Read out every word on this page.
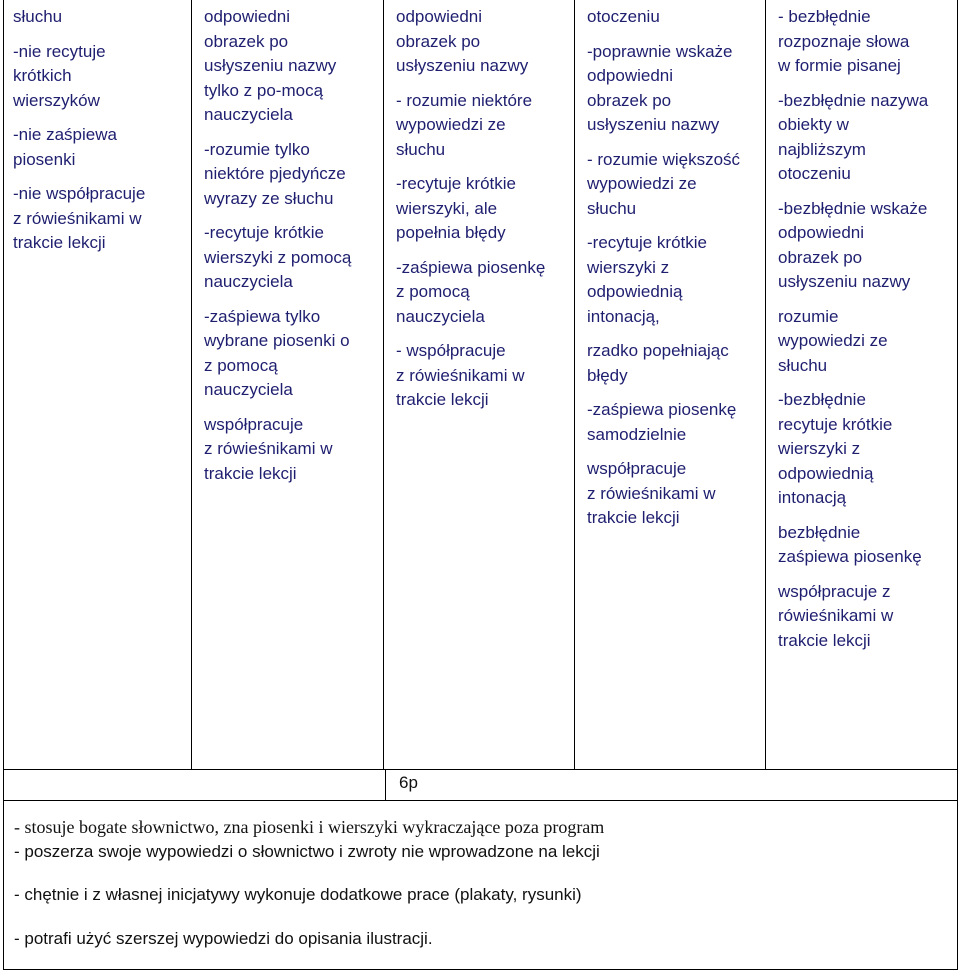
słuchu
-nie recytuje
krótkich
wierszyków
-nie zaśpiewa
piosenki
-nie współpracuje
z rówieśnikami w
trakcie lekcji
odpowiedni
obrazek po
usłyszeniu nazwy
tylko z po-mocą
nauczyciela
-rozumie tylko
niektóre pjedyńcze
wyrazy ze słuchu
-recytuje krótkie
wierszyki z pomocą
nauczyciela
-zaśpiewa tylko
wybrane piosenki o
z pomocą
nauczyciela
współpracuje
z rówieśnikami w
trakcie lekcji
odpowiedni
obrazek po
usłyszeniu nazwy
- rozumie niektóre
wypowiedzi ze
słuchu
-recytuje krótkie
wierszyki, ale
popełnia błędy
-zaśpiewa piosenkę
z pomocą
nauczyciela
- współpracuje
z rówieśnikami w
trakcie lekcji
otoczeniu
-poprawnie wskaże
odpowiedni
obrazek po
usłyszeniu nazwy
- rozumie większość
wypowiedzi ze
słuchu
-recytuje krótkie
wierszyki z
odpowiednią
intonacją,
rzadko popełniając
błędy
-zaśpiewa piosenkę
samodzielnie
współpracuje
z rówieśnikami w
trakcie lekcji
- bezbłędnie
rozpoznaje słowa
w formie pisanej
-bezbłędnie nazywa
obiekty w
najbliższym
otoczeniu
-bezbłędnie wskaże
odpowiedni
obrazek po
usłyszeniu nazwy
rozumie
wypowiedzi ze
słuchu
-bezbłędnie
recytuje krótkie
wierszyki z
odpowiednią
intonacją
bezbłędnie
zaśpiewa piosenkę
współpracuje z
rówieśnikami w
trakcie lekcji
6p
- stosuje bogate słownictwo, zna piosenki i wierszyki wykraczające poza program
- poszerza swoje wypowiedzi o słownictwo i zwroty nie wprowadzone na lekcji
- chętnie i z własnej inicjatywy wykonuje dodatkowe prace (plakaty, rysunki)
- potrafi użyć szerszej wypowiedzi do opisania ilustracji.
